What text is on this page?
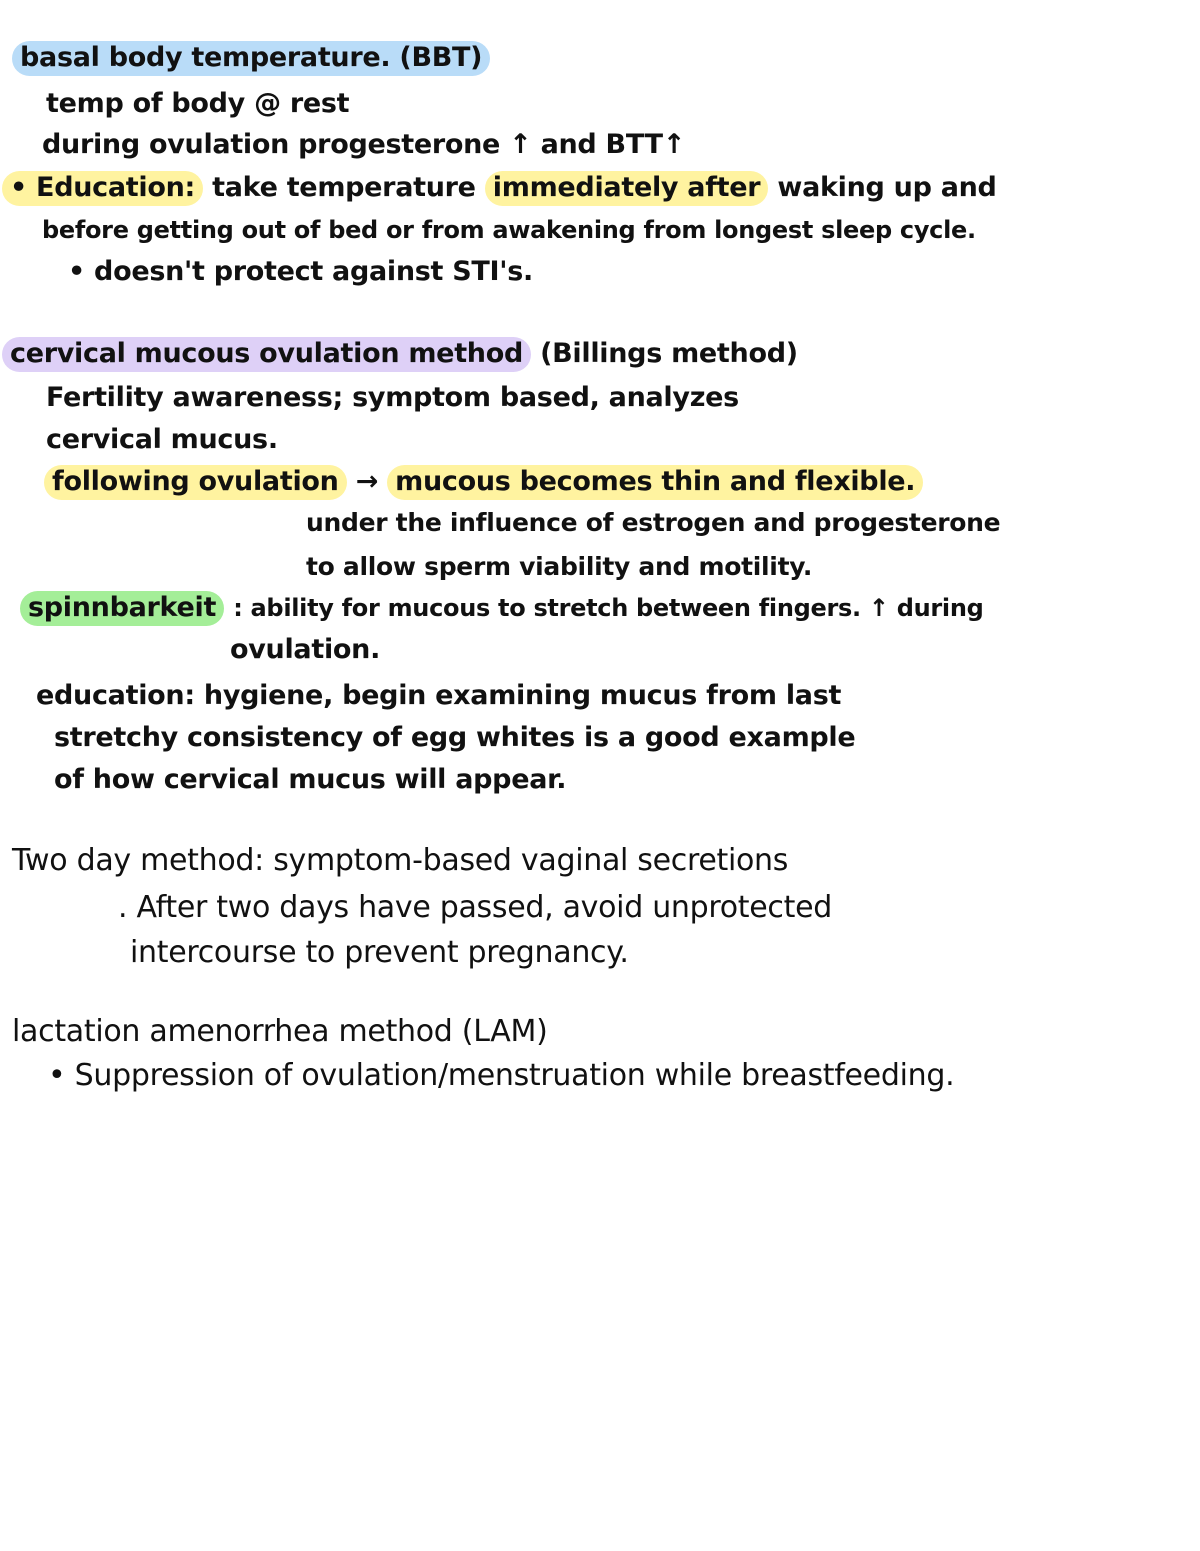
basal body temperature. (BBT)
temp of body @ rest
during ovulation progesterone ↑ and BTT↑
• Education: take temperature immediately after waking up and
before getting out of bed or from awakening from longest sleep cycle.
• doesn't protect against STI's.
cervical mucous ovulation method (Billings method)
Fertility awareness; symptom based, analyzes
cervical mucus.
following ovulation → mucous becomes thin and flexible.
under the influence of estrogen and progesterone
to allow sperm viability and motility.
spinnbarkeit : ability for mucous to stretch between fingers. ↑ during
ovulation.
education: hygiene, begin examining mucus from last
stretchy consistency of egg whites is a good example
of how cervical mucus will appear.
Two day method: symptom-based vaginal secretions
. After two days have passed, avoid unprotected
intercourse to prevent pregnancy.
lactation amenorrhea method (LAM)
• Suppression of ovulation/menstruation while breastfeeding.
